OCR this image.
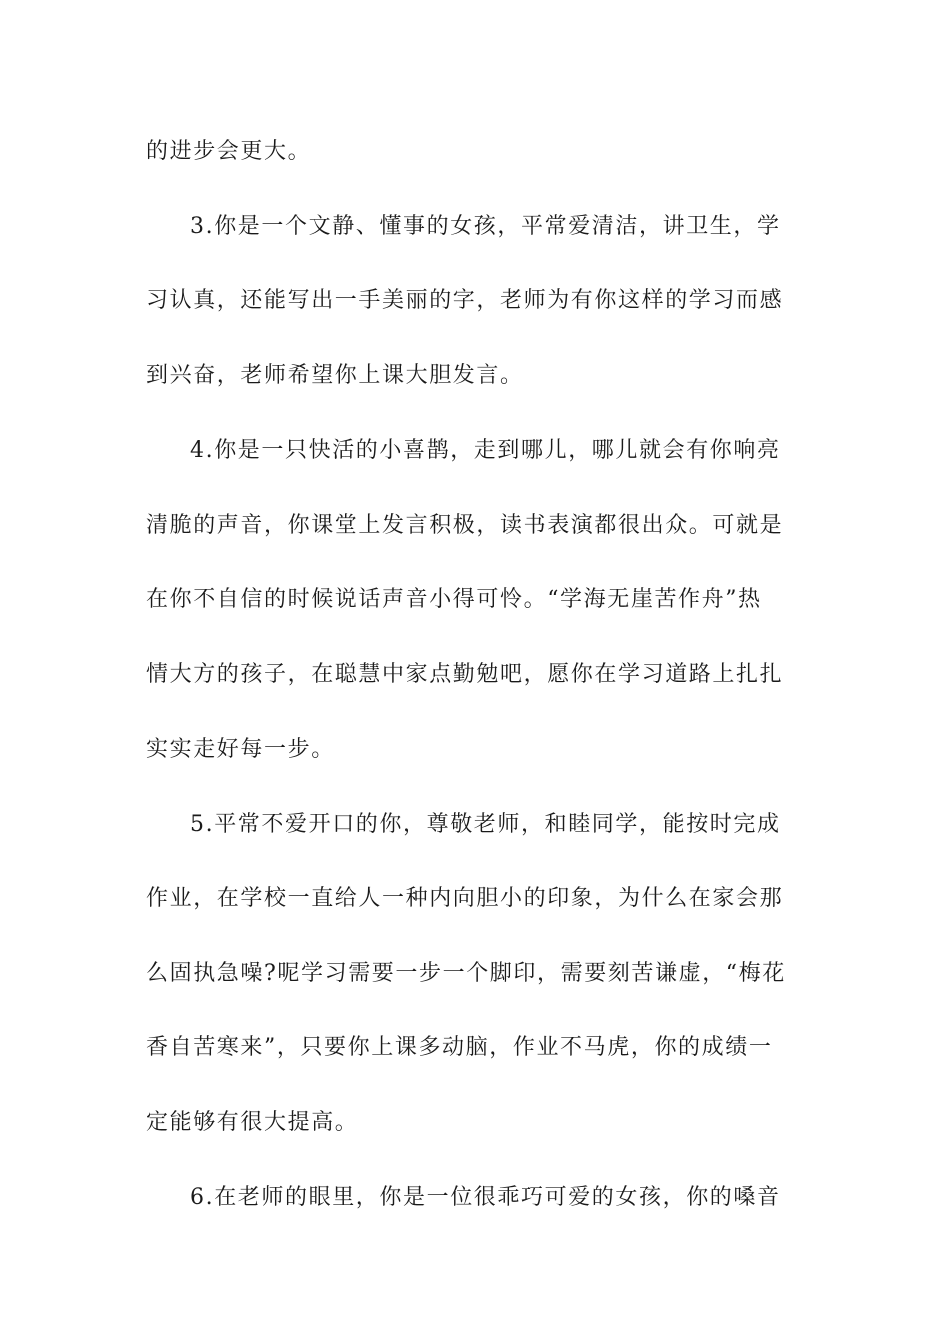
的进步会更大。
3.你是一个文静、懂事的女孩，平常爱清洁，讲卫生，学
习认真，还能写出一手美丽的字，老师为有你这样的学习而感
到兴奋，老师希望你上课大胆发言。
4.你是一只快活的小喜鹊，走到哪儿，哪儿就会有你响亮
清脆的声音，你课堂上发言积极，读书表演都很出众。可就是
在你不自信的时候说话声音小得可怜。“学海无崖苦作舟”热
情大方的孩子，在聪慧中家点勤勉吧，愿你在学习道路上扎扎
实实走好每一步。
5.平常不爱开口的你，尊敬老师，和睦同学，能按时完成
作业，在学校一直给人一种内向胆小的印象，为什么在家会那
么固执急噪?呢学习需要一步一个脚印，需要刻苦谦虚，“梅花
香自苦寒来”，只要你上课多动脑，作业不马虎，你的成绩一
定能够有很大提高。
6.在老师的眼里，你是一位很乖巧可爱的女孩，你的嗓音
